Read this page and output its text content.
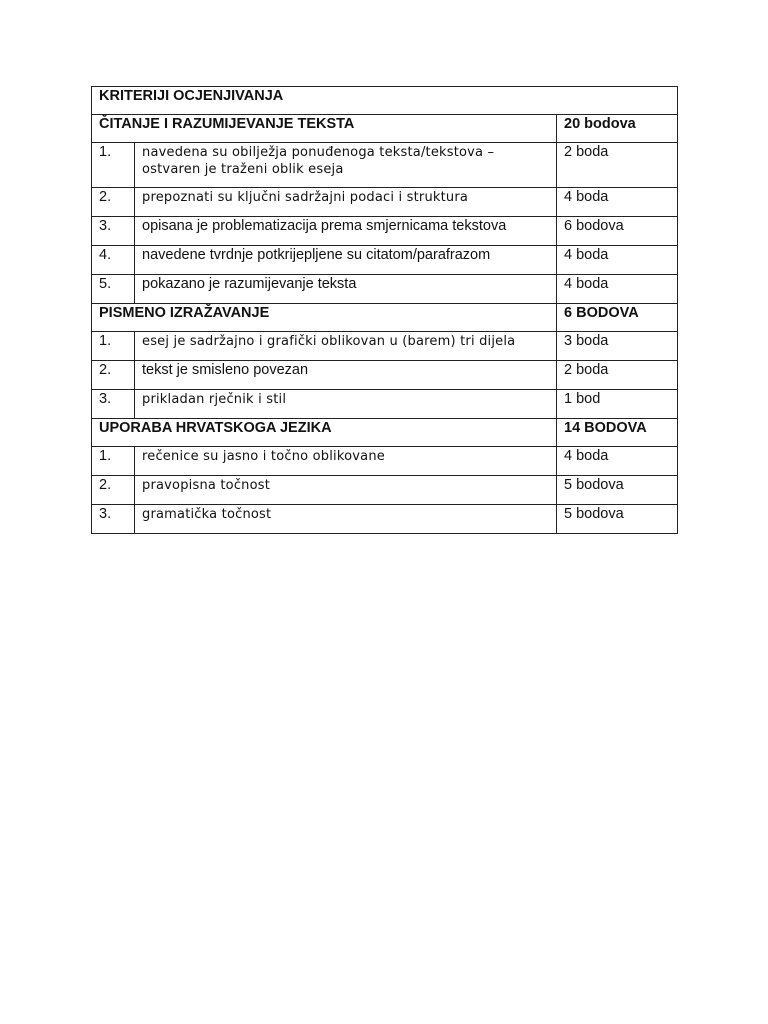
KRITERIJI OCJENJIVANJA		
ČITANJE I RAZUMIJEVANJE TEKSTA		20 bodova
1.	navedena su obilježja ponuđenoga teksta/tekstova – ostvaren je traženi oblik eseja	2 boda
2.	prepoznati su ključni sadržajni podaci i struktura	4 boda
3.	opisana je problematizacija prema smjernicama tekstova	6 bodova
4.	navedene tvrdnje potkrijepljene su citatom/parafrazom	4 boda
5.	pokazano je razumijevanje teksta	4 boda
PISMENO IZRAŽAVANJE		6 BODOVA
1.	esej je sadržajno i grafički oblikovan u (barem) tri dijela	3 boda
2.	tekst je smisleno povezan	2 boda
3.	prikladan rječnik i stil	1 bod
UPORABA HRVATSKOGA JEZIKA		14 BODOVA
1.	rečenice su jasno i točno oblikovane	4 boda
2.	pravopisna točnost	5 bodova
3.	gramatička točnost	5 bodova
